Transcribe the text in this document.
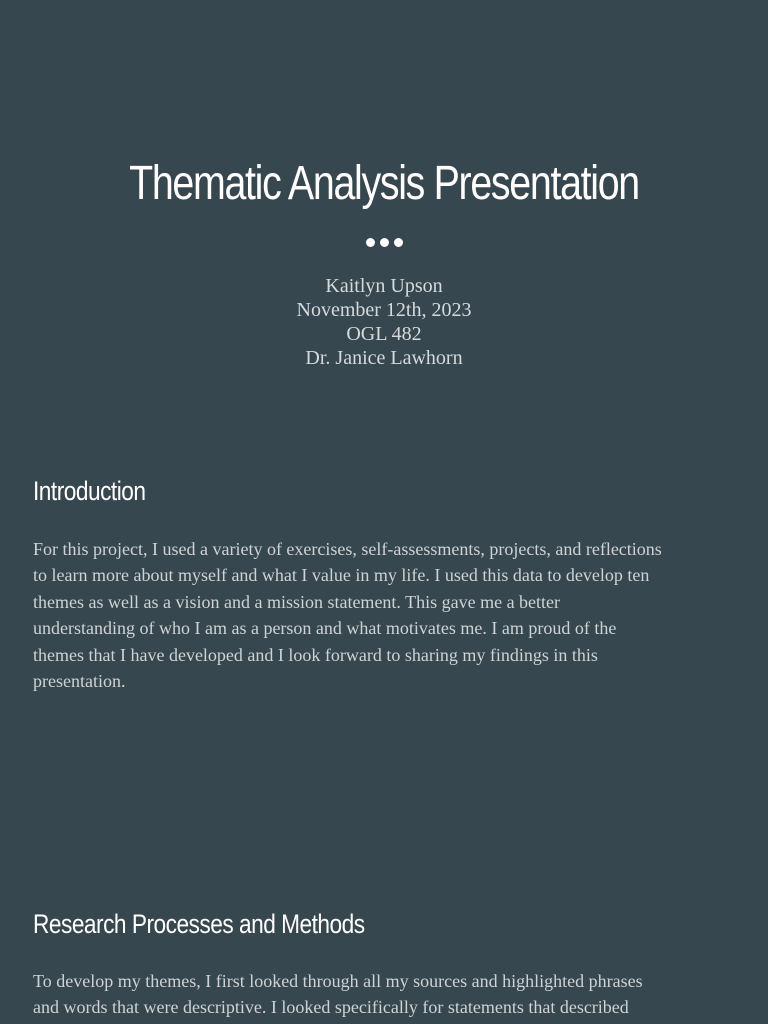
Thematic Analysis Presentation
Kaitlyn Upson
November 12th, 2023
OGL 482
Dr. Janice Lawhorn
Introduction
For this project, I used a variety of exercises, self-assessments, projects, and reflections
to learn more about myself and what I value in my life. I used this data to develop ten
themes as well as a vision and a mission statement. This gave me a better
understanding of who I am as a person and what motivates me. I am proud of the
themes that I have developed and I look forward to sharing my findings in this
presentation.
Research Processes and Methods
To develop my themes, I first looked through all my sources and highlighted phrases
and words that were descriptive. I looked specifically for statements that described
